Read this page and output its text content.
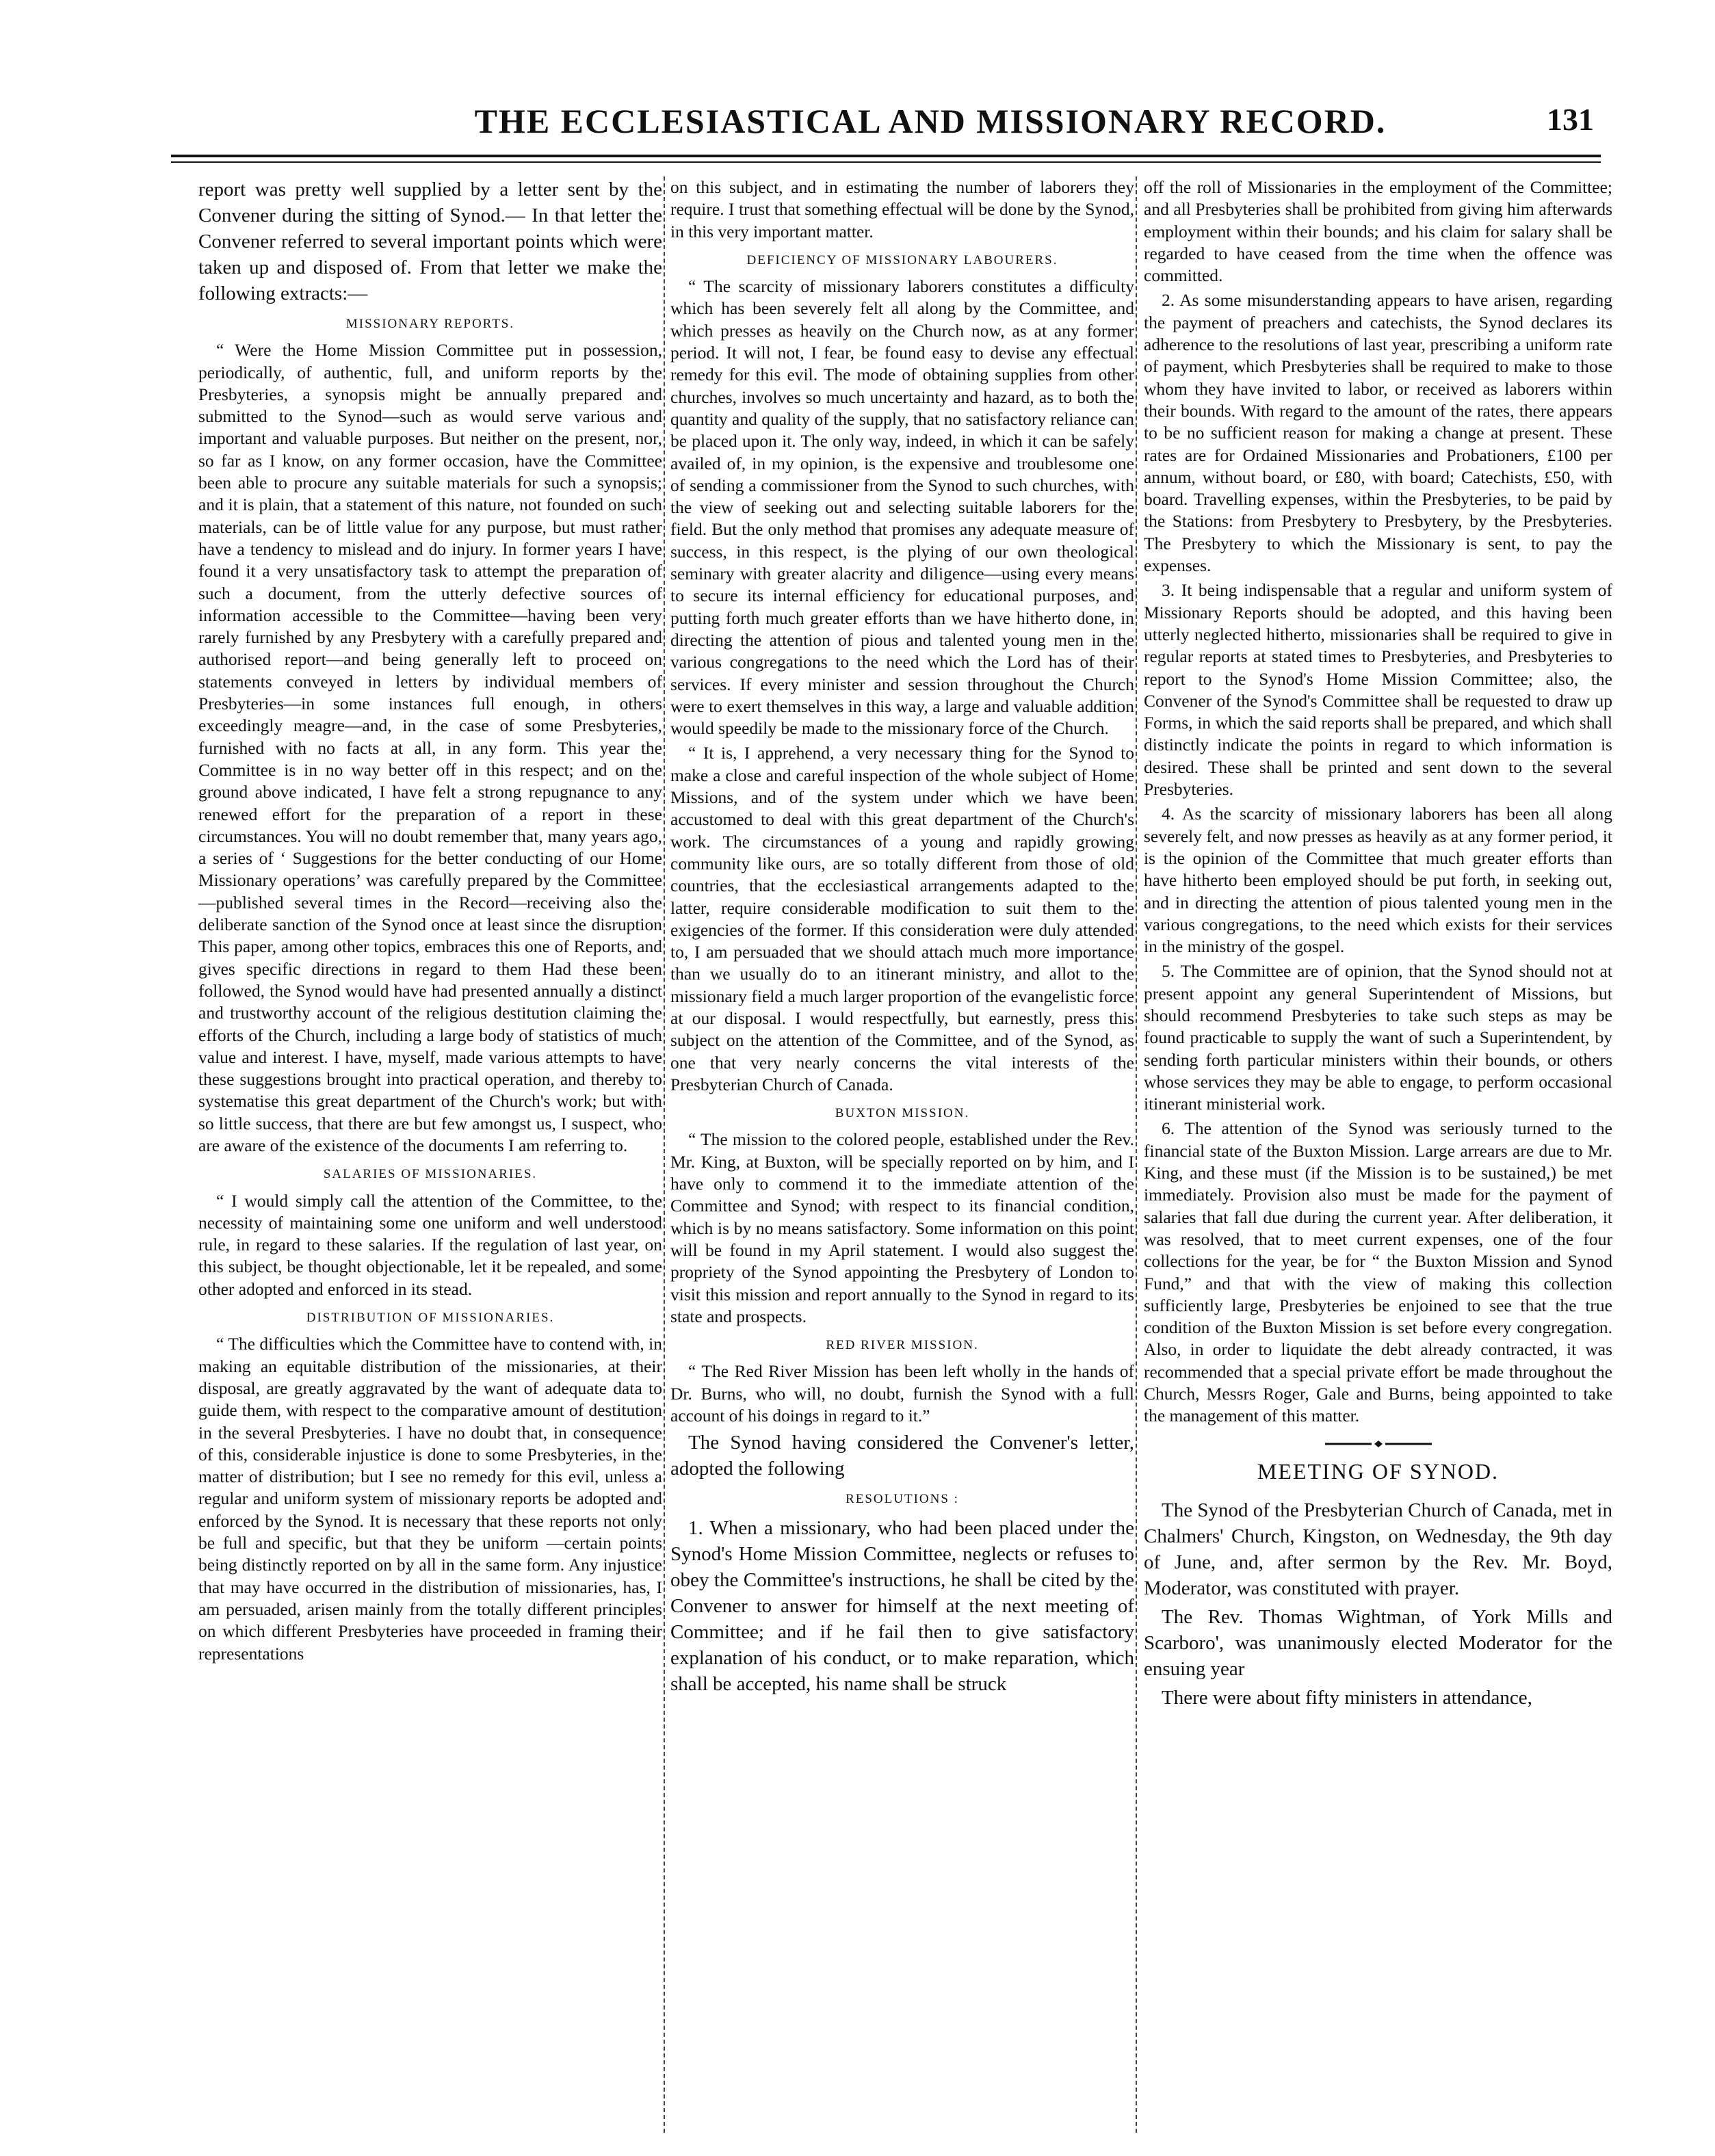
THE ECCLESIASTICAL AND MISSIONARY RECORD.	131

report was pretty well supplied by a letter sent by the Convener during the sitting of Synod.— In that letter the Convener referred to several important points which were taken up and disposed of. From that letter we make the following extracts:—

MISSIONARY REPORTS.

“ Were the Home Mission Committee put in possession, periodically, of authentic, full, and uniform reports by the Presbyteries, a synopsis might be annually prepared and submitted to the Synod—such as would serve various and important and valuable purposes. But neither on the present, nor, so far as I know, on any former occasion, have the Committee been able to procure any suitable materials for such a synopsis; and it is plain, that a statement of this nature, not founded on such materials, can be of little value for any purpose, but must rather have a tendency to mislead and do injury. In former years I have found it a very unsatisfactory task to attempt the preparation of such a document, from the utterly defective sources of information accessible to the Committee—having been very rarely furnished by any Presbytery with a carefully prepared and authorised report—and being generally left to proceed on statements conveyed in letters by individual members of Presbyteries—in some instances full enough, in others exceedingly meagre—and, in the case of some Presbyteries, furnished with no facts at all, in any form. This year the Committee is in no way better off in this respect; and on the ground above indicated, I have felt a strong repugnance to any renewed effort for the preparation of a report in these circumstances. You will no doubt remember that, many years ago, a series of ‘ Suggestions for the better conducting of our Home Missionary operations’ was carefully prepared by the Committee —published several times in the Record—receiving also the deliberate sanction of the Synod once at least since the disruption This paper, among other topics, embraces this one of Reports, and gives specific directions in regard to them Had these been followed, the Synod would have had presented annually a distinct and trustworthy account of the religious destitution claiming the efforts of the Church, including a large body of statistics of much value and interest. I have, myself, made various attempts to have these suggestions brought into practical operation, and thereby to systematise this great department of the Church's work; but with so little success, that there are but few amongst us, I suspect, who are aware of the existence of the documents I am referring to.

SALARIES OF MISSIONARIES.

“ I would simply call the attention of the Committee, to the necessity of maintaining some one uniform and well understood rule, in regard to these salaries. If the regulation of last year, on this subject, be thought objectionable, let it be repealed, and some other adopted and enforced in its stead.

DISTRIBUTION OF MISSIONARIES.

“ The difficulties which the Committee have to contend with, in making an equitable distribution of the missionaries, at their disposal, are greatly aggravated by the want of adequate data to guide them, with respect to the comparative amount of destitution in the several Presbyteries. I have no doubt that, in consequence of this, considerable injustice is done to some Presbyteries, in the matter of distribution; but I see no remedy for this evil, unless a regular and uniform system of missionary reports be adopted and enforced by the Synod. It is necessary that these reports not only be full and specific, but that they be uniform —certain points being distinctly reported on by all in the same form. Any injustice that may have occurred in the distribution of missionaries, has, I am persuaded, arisen mainly from the totally different principles on which different Presbyteries have proceeded in framing their representations

on this subject, and in estimating the number of laborers they require. I trust that something effectual will be done by the Synod, in this very important matter.

DEFICIENCY OF MISSIONARY LABOURERS.

“ The scarcity of missionary laborers constitutes a difficulty which has been severely felt all along by the Committee, and which presses as heavily on the Church now, as at any former period. It will not, I fear, be found easy to devise any effectual remedy for this evil. The mode of obtaining supplies from other churches, involves so much uncertainty and hazard, as to both the quantity and quality of the supply, that no satisfactory reliance can be placed upon it. The only way, indeed, in which it can be safely availed of, in my opinion, is the expensive and troublesome one of sending a commissioner from the Synod to such churches, with the view of seeking out and selecting suitable laborers for the field. But the only method that promises any adequate measure of success, in this respect, is the plying of our own theological seminary with greater alacrity and diligence—using every means to secure its internal efficiency for educational purposes, and putting forth much greater efforts than we have hitherto done, in directing the attention of pious and talented young men in the various congregations to the need which the Lord has of their services. If every minister and session throughout the Church were to exert themselves in this way, a large and valuable addition would speedily be made to the missionary force of the Church.

“ It is, I apprehend, a very necessary thing for the Synod to make a close and careful inspection of the whole subject of Home Missions, and of the system under which we have been accustomed to deal with this great department of the Church's work. The circumstances of a young and rapidly growing community like ours, are so totally different from those of old countries, that the ecclesiastical arrangements adapted to the latter, require considerable modification to suit them to the exigencies of the former. If this consideration were duly attended to, I am persuaded that we should attach much more importance than we usually do to an itinerant ministry, and allot to the missionary field a much larger proportion of the evangelistic force at our disposal. I would respectfully, but earnestly, press this subject on the attention of the Committee, and of the Synod, as one that very nearly concerns the vital interests of the Presbyterian Church of Canada.

BUXTON MISSION.

“ The mission to the colored people, established under the Rev. Mr. King, at Buxton, will be specially reported on by him, and I have only to commend it to the immediate attention of the Committee and Synod; with respect to its financial condition, which is by no means satisfactory. Some information on this point will be found in my April statement. I would also suggest the propriety of the Synod appointing the Presbytery of London to visit this mission and report annually to the Synod in regard to its state and prospects.

RED RIVER MISSION.

“ The Red River Mission has been left wholly in the hands of Dr. Burns, who will, no doubt, furnish the Synod with a full account of his doings in regard to it.”

The Synod having considered the Convener's letter, adopted the following

RESOLUTIONS :

1. When a missionary, who had been placed under the Synod's Home Mission Committee, neglects or refuses to obey the Committee's instructions, he shall be cited by the Convener to answer for himself at the next meeting of Committee; and if he fail then to give satisfactory explanation of his conduct, or to make reparation, which shall be accepted, his name shall be struck

off the roll of Missionaries in the employment of the Committee; and all Presbyteries shall be prohibited from giving him afterwards employment within their bounds; and his claim for salary shall be regarded to have ceased from the time when the offence was committed.

2. As some misunderstanding appears to have arisen, regarding the payment of preachers and catechists, the Synod declares its adherence to the resolutions of last year, prescribing a uniform rate of payment, which Presbyteries shall be required to make to those whom they have invited to labor, or received as laborers within their bounds. With regard to the amount of the rates, there appears to be no sufficient reason for making a change at present. These rates are for Ordained Missionaries and Probationers, £100 per annum, without board, or £80, with board; Catechists, £50, with board. Travelling expenses, within the Presbyteries, to be paid by the Stations: from Presbytery to Presbytery, by the Presbyteries. The Presbytery to which the Missionary is sent, to pay the expenses.

3. It being indispensable that a regular and uniform system of Missionary Reports should be adopted, and this having been utterly neglected hitherto, missionaries shall be required to give in regular reports at stated times to Presbyteries, and Presbyteries to report to the Synod's Home Mission Committee; also, the Convener of the Synod's Committee shall be requested to draw up Forms, in which the said reports shall be prepared, and which shall distinctly indicate the points in regard to which information is desired. These shall be printed and sent down to the several Presbyteries.

4. As the scarcity of missionary laborers has been all along severely felt, and now presses as heavily as at any former period, it is the opinion of the Committee that much greater efforts than have hitherto been employed should be put forth, in seeking out, and in directing the attention of pious talented young men in the various congregations, to the need which exists for their services in the ministry of the gospel.

5. The Committee are of opinion, that the Synod should not at present appoint any general Superintendent of Missions, but should recommend Presbyteries to take such steps as may be found practicable to supply the want of such a Superintendent, by sending forth particular ministers within their bounds, or others whose services they may be able to engage, to perform occasional itinerant ministerial work.

6. The attention of the Synod was seriously turned to the financial state of the Buxton Mission. Large arrears are due to Mr. King, and these must (if the Mission is to be sustained,) be met immediately. Provision also must be made for the payment of salaries that fall due during the current year. After deliberation, it was resolved, that to meet current expenses, one of the four collections for the year, be for “ the Buxton Mission and Synod Fund,” and that with the view of making this collection sufficiently large, Presbyteries be enjoined to see that the true condition of the Buxton Mission is set before every congregation. Also, in order to liquidate the debt already contracted, it was recommended that a special private effort be made throughout the Church, Messrs Roger, Gale and Burns, being appointed to take the management of this matter.

MEETING OF SYNOD.

The Synod of the Presbyterian Church of Canada, met in Chalmers' Church, Kingston, on Wednesday, the 9th day of June, and, after sermon by the Rev. Mr. Boyd, Moderator, was constituted with prayer.

The Rev. Thomas Wightman, of York Mills and Scarboro', was unanimously elected Moderator for the ensuing year

There were about fifty ministers in attendance,
